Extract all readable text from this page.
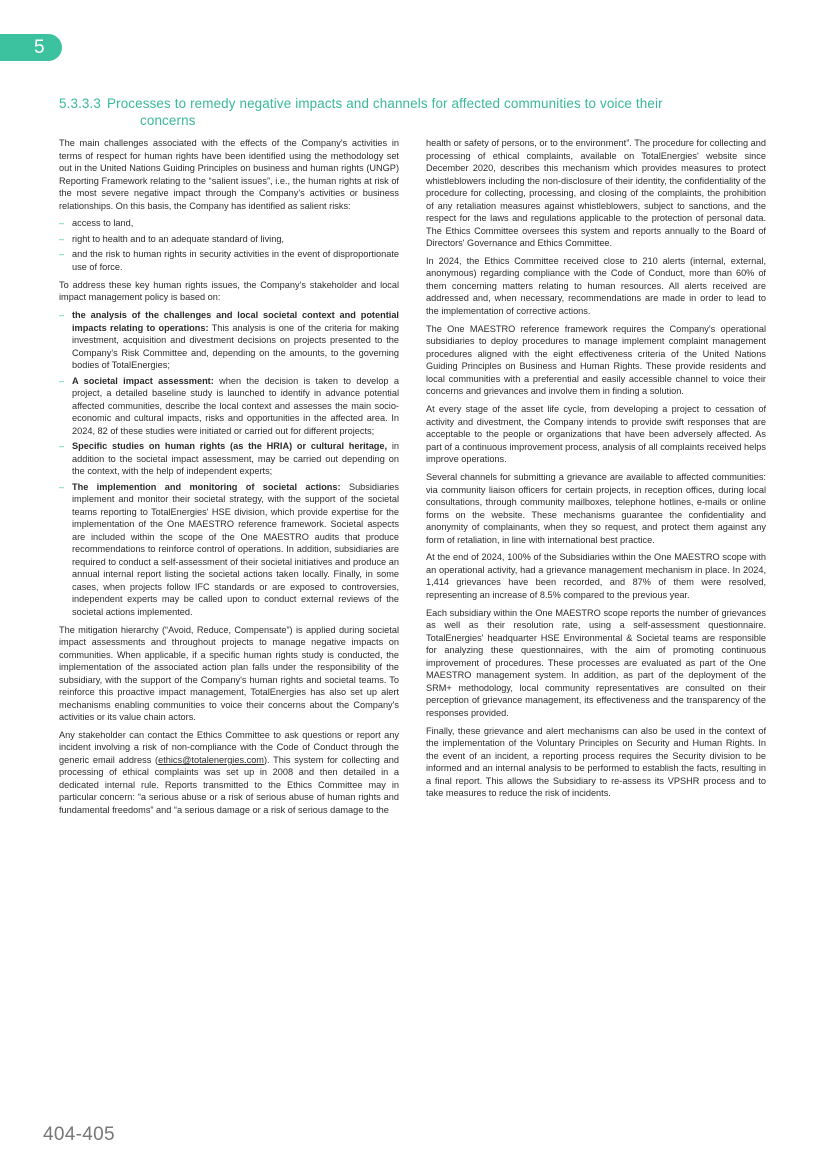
5
5.3.3.3 Processes to remedy negative impacts and channels for affected communities to voice their
concerns

The main challenges associated with the effects of the Company's activities in terms of respect for human rights have been identified using the methodology set out in the United Nations Guiding Principles on business and human rights (UNGP) Reporting Framework relating to the “salient issues”, i.e., the human rights at risk of the most severe negative impact through the Company's activities or business relationships. On this basis, the Company has identified as salient risks:

– access to land,
– right to health and to an adequate standard of living,
– and the risk to human rights in security activities in the event of disproportionate use of force.

To address these key human rights issues, the Company's stakeholder and local impact management policy is based on:

– the analysis of the challenges and local societal context and potential impacts relating to operations: This analysis is one of the criteria for making investment, acquisition and divestment decisions on projects presented to the Company's Risk Committee and, depending on the amounts, to the governing bodies of TotalEnergies;
– A societal impact assessment: when the decision is taken to develop a project, a detailed baseline study is launched to identify in advance potential affected communities, describe the local context and assesses the main socio-economic and cultural impacts, risks and opportunities in the affected area. In 2024, 82 of these studies were initiated or carried out for different projects;
– Specific studies on human rights (as the HRIA) or cultural heritage, in addition to the societal impact assessment, may be carried out depending on the context, with the help of independent experts;
– The implemention and monitoring of societal actions: Subsidiaries implement and monitor their societal strategy, with the support of the societal teams reporting to TotalEnergies' HSE division, which provide expertise for the implementation of the One MAESTRO reference framework. Societal aspects are included within the scope of the One MAESTRO audits that produce recommendations to reinforce control of operations. In addition, subsidiaries are required to conduct a self-assessment of their societal initiatives and produce an annual internal report listing the societal actions taken locally. Finally, in some cases, when projects follow IFC standards or are exposed to controversies, independent experts may be called upon to conduct external reviews of the societal actions implemented.

The mitigation hierarchy (“Avoid, Reduce, Compensate”) is applied during societal impact assessments and throughout projects to manage negative impacts on communities. When applicable, if a specific human rights study is conducted, the implementation of the associated action plan falls under the responsibility of the subsidiary, with the support of the Company's human rights and societal teams. To reinforce this proactive impact management, TotalEnergies has also set up alert mechanisms enabling communities to voice their concerns about the Company's activities or its value chain actors.

Any stakeholder can contact the Ethics Committee to ask questions or report any incident involving a risk of non-compliance with the Code of Conduct through the generic email address (ethics@totalenergies.com). This system for collecting and processing of ethical complaints was set up in 2008 and then detailed in a dedicated internal rule. Reports transmitted to the Ethics Committee may in particular concern: “a serious abuse or a risk of serious abuse of human rights and fundamental freedoms” and “a serious damage or a risk of serious damage to the

health or safety of persons, or to the environment”. The procedure for collecting and processing of ethical complaints, available on TotalEnergies' website since December 2020, describes this mechanism which provides measures to protect whistleblowers including the non-disclosure of their identity, the confidentiality of the procedure for collecting, processing, and closing of the complaints, the prohibition of any retaliation measures against whistleblowers, subject to sanctions, and the respect for the laws and regulations applicable to the protection of personal data. The Ethics Committee oversees this system and reports annually to the Board of Directors' Governance and Ethics Committee.

In 2024, the Ethics Committee received close to 210 alerts (internal, external, anonymous) regarding compliance with the Code of Conduct, more than 60% of them concerning matters relating to human resources. All alerts received are addressed and, when necessary, recommendations are made in order to lead to the implementation of corrective actions.

The One MAESTRO reference framework requires the Company's operational subsidiaries to deploy procedures to manage implement complaint management procedures aligned with the eight effectiveness criteria of the United Nations Guiding Principles on Business and Human Rights. These provide residents and local communities with a preferential and easily accessible channel to voice their concerns and grievances and involve them in finding a solution.

At every stage of the asset life cycle, from developing a project to cessation of activity and divestment, the Company intends to provide swift responses that are acceptable to the people or organizations that have been adversely affected. As part of a continuous improvement process, analysis of all complaints received helps improve operations.

Several channels for submitting a grievance are available to affected communities: via community liaison officers for certain projects, in reception offices, during local consultations, through community mailboxes, telephone hotlines, e-mails or online forms on the website. These mechanisms guarantee the confidentiality and anonymity of complainants, when they so request, and protect them against any form of retaliation, in line with international best practice.

At the end of 2024, 100% of the Subsidiaries within the One MAESTRO scope with an operational activity, had a grievance management mechanism in place. In 2024, 1,414 grievances have been recorded, and 87% of them were resolved, representing an increase of 8.5% compared to the previous year.

Each subsidiary within the One MAESTRO scope reports the number of grievances as well as their resolution rate, using a self-assessment questionnaire. TotalEnergies' headquarter HSE Environmental & Societal teams are responsible for analyzing these questionnaires, with the aim of promoting continuous improvement of procedures. These processes are evaluated as part of the One MAESTRO management system. In addition, as part of the deployment of the SRM+ methodology, local community representatives are consulted on their perception of grievance management, its effectiveness and the transparency of the responses provided.

Finally, these grievance and alert mechanisms can also be used in the context of the implementation of the Voluntary Principles on Security and Human Rights. In the event of an incident, a reporting process requires the Security division to be informed and an internal analysis to be performed to establish the facts, resulting in a final report. This allows the Subsidiary to re-assess its VPSHR process and to take measures to reduce the risk of incidents.

404-405
